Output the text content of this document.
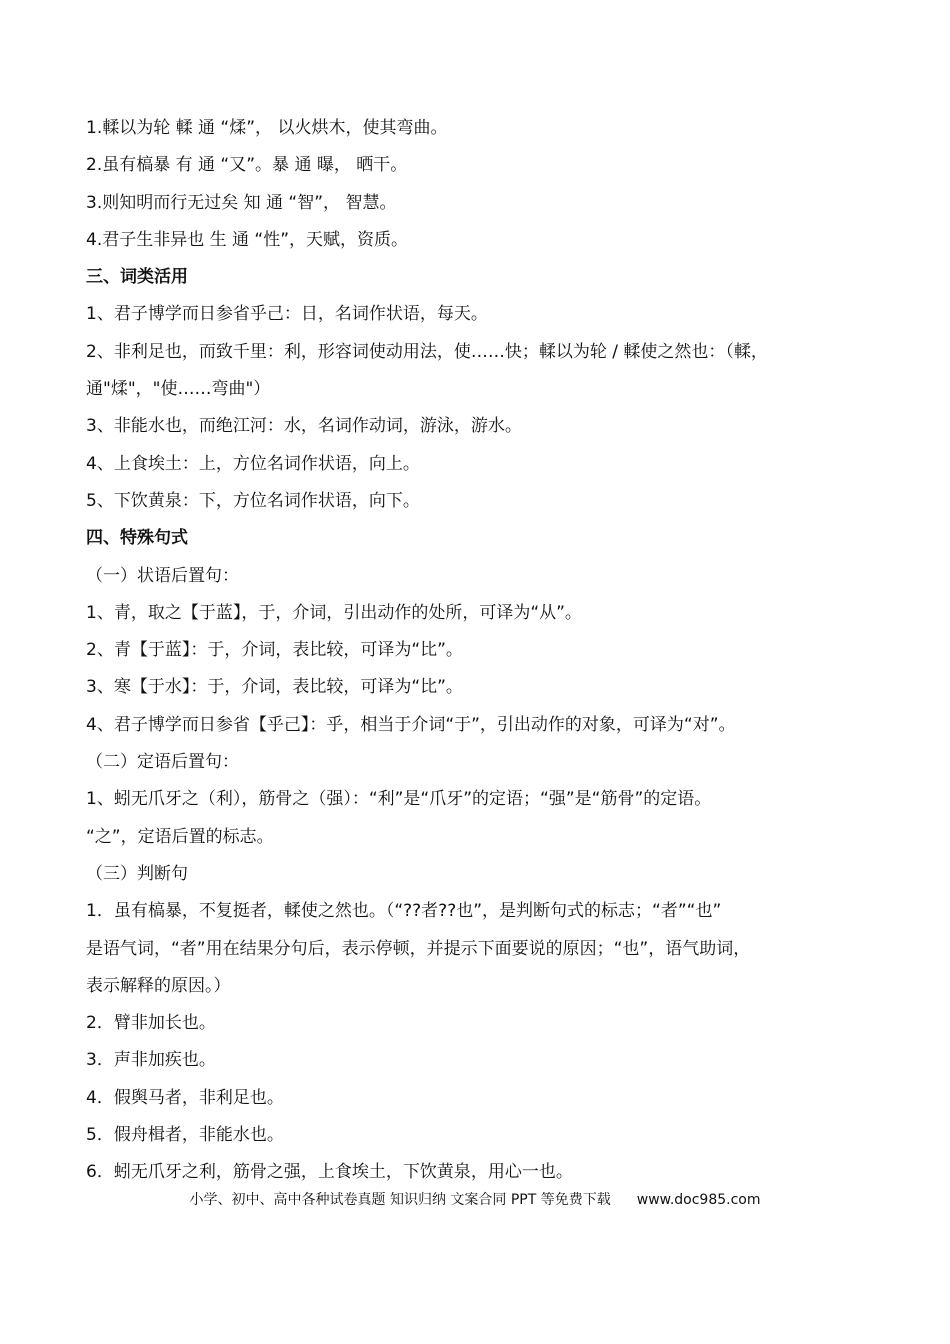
1.輮以为轮 輮 通 “煣”， 以火烘木，使其弯曲。
2.虽有槁暴 有 通 “又”。暴 通 曝， 晒干。
3.则知明而行无过矣 知 通 “智”， 智慧。
4.君子生非异也 生 通 “性”，天赋，资质。
三、词类活用
1、君子博学而日参省乎己：日，名词作状语，每天。
2、非利足也，而致千里：利，形容词使动用法，使……快；輮以为轮 / 輮使之然也：（輮，
通"煣"，"使……弯曲"）
3、非能水也，而绝江河：水，名词作动词，游泳，游水。
4、上食埃土：上，方位名词作状语，向上。
5、下饮黄泉：下，方位名词作状语，向下。
四、特殊句式
（一）状语后置句：
1、青，取之【于蓝】，于，介词，引出动作的处所，可译为“从”。
2、青【于蓝】：于，介词，表比较，可译为“比”。
3、寒【于水】：于，介词，表比较，可译为“比”。
4、君子博学而日参省【乎己】：乎，相当于介词“于”，引出动作的对象，可译为“对”。
（二）定语后置句：
1、蚓无爪牙之（利），筋骨之（强）：“利”是“爪牙”的定语；“强”是“筋骨”的定语。
“之”，定语后置的标志。
（三）判断句
1．虽有槁暴，不复挺者，輮使之然也。（“??者??也”，是判断句式的标志；“者”“也”
是语气词，“者”用在结果分句后，表示停顿，并提示下面要说的原因；“也”，语气助词，
表示解释的原因。）
2．臂非加长也。
3．声非加疾也。
4．假舆马者，非利足也。
5．假舟楫者，非能水也。
6．蚓无爪牙之利，筋骨之强，上食埃土，下饮黄泉，用心一也。
小学、初中、高中各种试卷真题 知识归纳 文案合同 PPT 等免费下载 www.doc985.com
